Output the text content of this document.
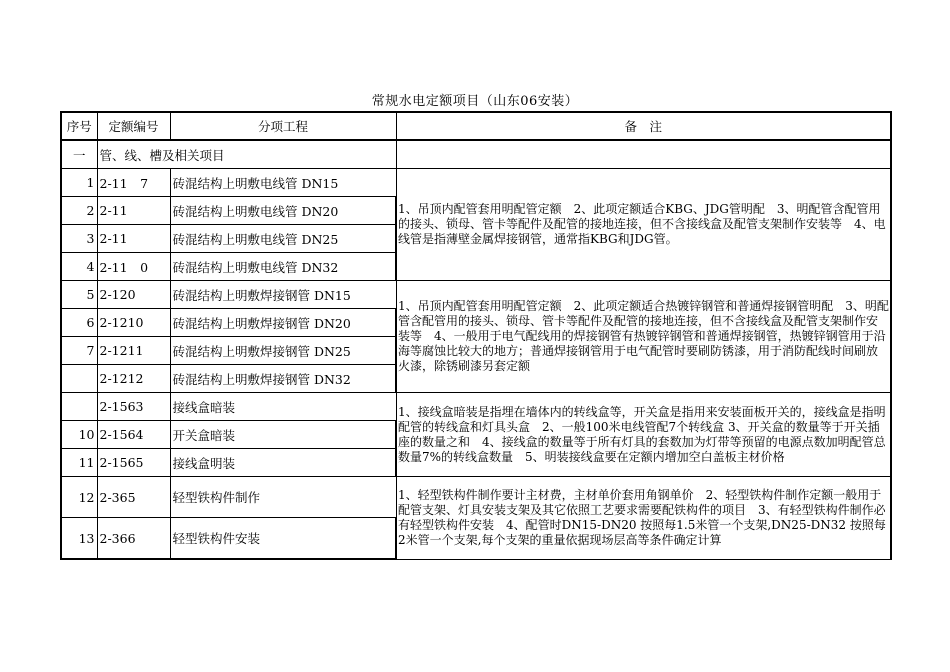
常规水电定额项目（山东06安装）
序号	定额编号	分项工程	备　注
一	管、线、槽及相关项目		
1	2-11　7	砖混结构上明敷电线管 DN15	1、吊顶内配管套用明配管定额　2、此项定额适合KBG、JDG管明配　3、明配管含配管用的接头、锁母、管卡等配件及配管的接地连接，但不含接线盒及配管支架制作安装等　4、电线管是指薄壁金属焊接钢管，通常指KBG和JDG管。
2	2-11	砖混结构上明敷电线管 DN20	
3	2-11	砖混结构上明敷电线管 DN25	
4	2-11　0	砖混结构上明敷电线管 DN32	
5	2-120	砖混结构上明敷焊接钢管 DN15	1、吊顶内配管套用明配管定额　2、此项定额适合热镀锌钢管和普通焊接钢管明配　3、明配管含配管用的接头、锁母、管卡等配件及配管的接地连接，但不含接线盒及配管支架制作安装等　4、一般用于电气配线用的焊接钢管有热镀锌钢管和普通焊接钢管，热镀锌钢管用于沿海等腐蚀比较大的地方；普通焊接钢管用于电气配管时要刷防锈漆，用于消防配线时间刷放火漆，除锈刷漆另套定额
6	2-1210	砖混结构上明敷焊接钢管 DN20	
7	2-1211	砖混结构上明敷焊接钢管 DN25	
	2-1212	砖混结构上明敷焊接钢管 DN32	
	2-1563	接线盒暗装	1、接线盒暗装是指埋在墙体内的转线盒等，开关盒是指用来安装面板开关的，接线盒是指明配管的转线盒和灯具头盒　2、一般100米电线管配7个转线盒 3、开关盒的数量等于开关插座的数量之和　4、接线盒的数量等于所有灯具的套数加为灯带等预留的电源点数加明配管总数量7%的转线盒数量　5、明装接线盒要在定额内增加空白盖板主材价格
10	2-1564	开关盒暗装	
11	2-1565	接线盒明装	
12	2-365	轻型铁构件制作	1、轻型铁构件制作要计主材费，主材单价套用角钢单价　2、轻型铁构件制作定额一般用于配管支架、灯具安装支架及其它依照工艺要求需要配铁构件的项目　3、有轻型铁构件制作必有轻型铁构件安装　4、配管时DN15-DN20 按照每1.5米管一个支架,DN25-DN32 按照每2米管一个支架,每个支架的重量依据现场层高等条件确定计算
13	2-366	轻型铁构件安装	
